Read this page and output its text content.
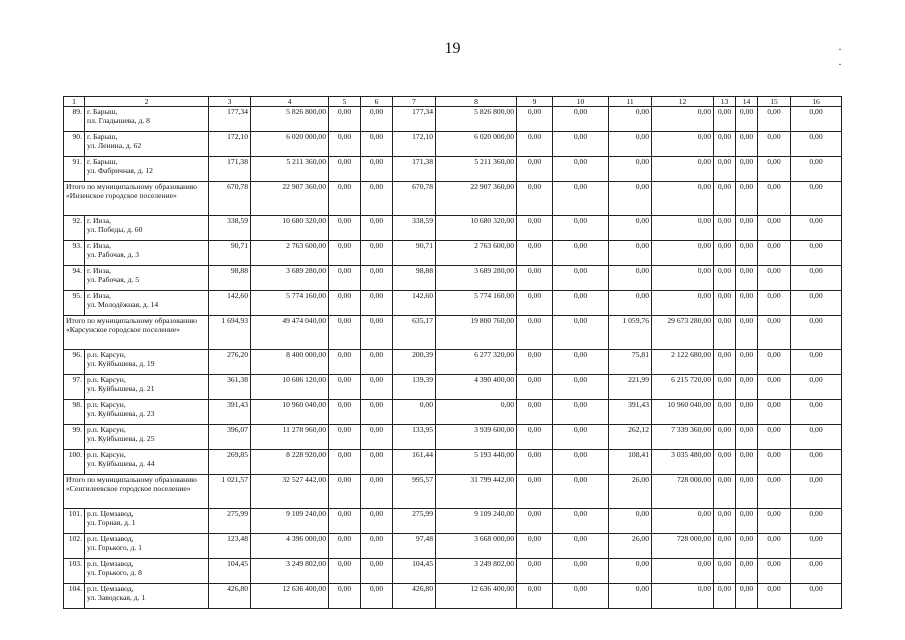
19	· ·
1	2	3	4	5	6	7	8	9	10	11	12	13	14	15	16
89.	г. Барыш,
пл. Гладышева, д. 8	177,34	5 826 800,00	0,00	0,00	177,34	5 826 800,00	0,00	0,00	0,00	0,00	0,00	0,00	0,00	0,00
90.	г. Барыш,
ул. Ленина, д. 62	172,10	6 020 000,00	0,00	0,00	172,10	6 020 000,00	0,00	0,00	0,00	0,00	0,00	0,00	0,00	0,00
91.	г. Барыш,
ул. Фабричная, д. 12	171,38	5 211 360,00	0,00	0,00	171,38	5 211 360,00	0,00	0,00	0,00	0,00	0,00	0,00	0,00	0,00
Итого по муниципальному образованию «Инзенское городское поселение»		670,78	22 907 360,00	0,00	0,00	670,78	22 907 360,00	0,00	0,00	0,00	0,00	0,00	0,00	0,00	0,00
92.	г. Инза,
ул. Победы, д. 60	338,59	10 680 320,00	0,00	0,00	338,59	10 680 320,00	0,00	0,00	0,00	0,00	0,00	0,00	0,00	0,00
93.	г. Инза,
ул. Рабочая, д. 3	90,71	2 763 600,00	0,00	0,00	90,71	2 763 600,00	0,00	0,00	0,00	0,00	0,00	0,00	0,00	0,00
94.	г. Инза,
ул. Рабочая, д. 5	98,88	3 689 280,00	0,00	0,00	98,88	3 689 280,00	0,00	0,00	0,00	0,00	0,00	0,00	0,00	0,00
95.	г. Инза,
ул. Молодёжная, д. 14	142,60	5 774 160,00	0,00	0,00	142,60	5 774 160,00	0,00	0,00	0,00	0,00	0,00	0,00	0,00	0,00
Итого по муниципальному образованию «Карсунское городское поселение»		1 694,93	49 474 040,00	0,00	0,00	635,17	19 800 760,00	0,00	0,00	1 059,76	29 673 280,00	0,00	0,00	0,00	0,00
96.	р.п. Карсун,
ул. Куйбышева, д. 19	276,20	8 400 000,00	0,00	0,00	200,39	6 277 320,00	0,00	0,00	75,81	2 122 680,00	0,00	0,00	0,00	0,00
97.	р.п. Карсун,
ул. Куйбышева, д. 21	361,38	10 606 120,00	0,00	0,00	139,39	4 390 400,00	0,00	0,00	221,99	6 215 720,00	0,00	0,00	0,00	0,00
98.	р.п. Карсун,
ул. Куйбышева, д. 23	391,43	10 960 040,00	0,00	0,00	0,00	0,00	0,00	0,00	391,43	10 960 040,00	0,00	0,00	0,00	0,00
99.	р.п. Карсун,
ул. Куйбышева, д. 25	396,07	11 278 960,00	0,00	0,00	133,95	3 939 600,00	0,00	0,00	262,12	7 339 360,00	0,00	0,00	0,00	0,00
100.	р.п. Карсун,
ул. Куйбышева, д. 44	269,85	8 228 920,00	0,00	0,00	161,44	5 193 440,00	0,00	0,00	108,41	3 035 480,00	0,00	0,00	0,00	0,00
Итого по муниципальному образованию «Сенгилеевское городское поселение»		1 021,57	32 527 442,00	0,00	0,00	995,57	31 799 442,00	0,00	0,00	26,00	728 000,00	0,00	0,00	0,00	0,00
101.	р.п. Цемзавод,
ул. Горная, д. 1	275,99	9 109 240,00	0,00	0,00	275,99	9 109 240,00	0,00	0,00	0,00	0,00	0,00	0,00	0,00	0,00
102.	р.п. Цемзавод,
ул. Горького, д. 1	123,48	4 396 000,00	0,00	0,00	97,48	3 668 000,00	0,00	0,00	26,00	728 000,00	0,00	0,00	0,00	0,00
103.	р.п. Цемзавод,
ул. Горького, д. 8	104,45	3 249 802,00	0,00	0,00	104,45	3 249 802,00	0,00	0,00	0,00	0,00	0,00	0,00	0,00	0,00
104.	р.п. Цемзавод,
ул. Заводская, д. 1	426,80	12 636 400,00	0,00	0,00	426,80	12 636 400,00	0,00	0,00	0,00	0,00	0,00	0,00	0,00	0,00
